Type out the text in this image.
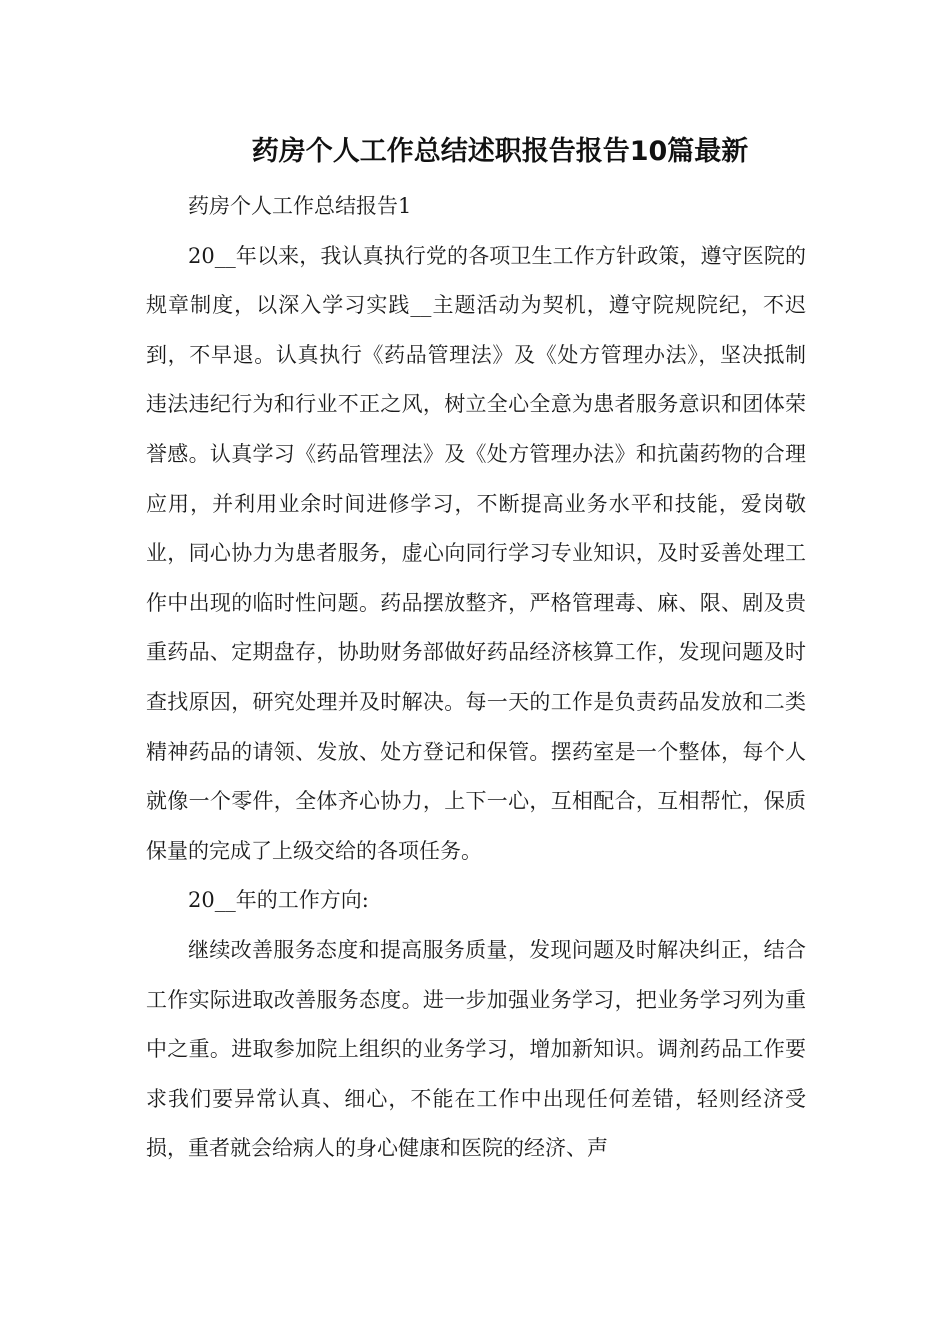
药房个人工作总结述职报告报告10篇最新

药房个人工作总结报告1

20__年以来，我认真执行党的各项卫生工作方针政策，遵守医院的规章制度，以深入学习实践__主题活动为契机，遵守院规院纪，不迟到，不早退。认真执行《药品管理法》及《处方管理办法》，坚决抵制违法违纪行为和行业不正之风，树立全心全意为患者服务意识和团体荣誉感。认真学习《药品管理法》及《处方管理办法》和抗菌药物的合理应用，并利用业余时间进修学习，不断提高业务水平和技能，爱岗敬业，同心协力为患者服务，虚心向同行学习专业知识，及时妥善处理工作中出现的临时性问题。药品摆放整齐，严格管理毒、麻、限、剧及贵重药品、定期盘存，协助财务部做好药品经济核算工作，发现问题及时查找原因，研究处理并及时解决。每一天的工作是负责药品发放和二类精神药品的请领、发放、处方登记和保管。摆药室是一个整体，每个人就像一个零件，全体齐心协力，上下一心，互相配合，互相帮忙，保质保量的完成了上级交给的各项任务。

20__年的工作方向:

继续改善服务态度和提高服务质量，发现问题及时解决纠正，结合工作实际进取改善服务态度。进一步加强业务学习，把业务学习列为重中之重。进取参加院上组织的业务学习，增加新知识。调剂药品工作要求我们要异常认真、细心，不能在工作中出现任何差错，轻则经济受损，重者就会给病人的身心健康和医院的经济、声
